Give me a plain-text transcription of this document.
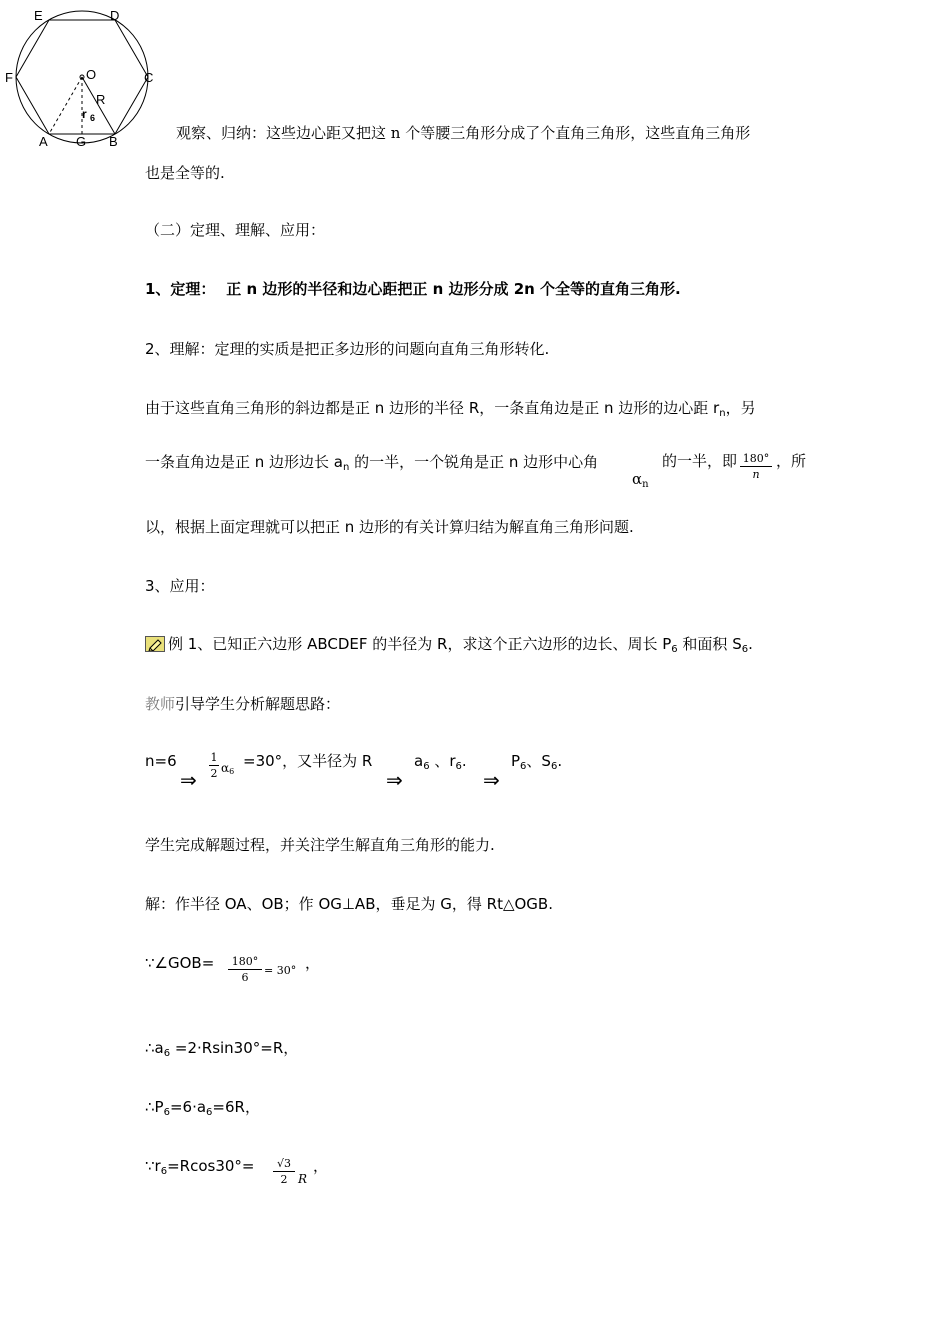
E	D
F	C
O
R
r 6
A G B	观察、归纳：这些边心距又把这 n 个等腰三角形分成了个直角三角形，这些直角三角形
也是全等的.
（二）定理、理解、应用：
1、定理： 正 n 边形的半径和边心距把正 n 边形分成 2n 个全等的直角三角形.
2、理解：定理的实质是把正多边形的问题向直角三角形转化.
由于这些直角三角形的斜边都是正 n 边形的半径 R，一条直角边是正 n 边形的边心距 $r_n$，另
一条直角边是正 n 边形边长 $a_n$ 的一半，一个锐角是正 n 边形中心角
$\alpha_n$
的一半，即 180°
n
，所
以，根据上面定理就可以把正 n 边形的有关计算归结为解直角三角形问题.
3、应用：
例 1、已知正六边形 ABCDEF 的半径为 R，求这个正六边形的边长、周长 $P_6$ 和面积 $S_6$.
教师引导学生分析解题思路：
n=6
⇒
1
2 α6
=30°，又半径为 R
⇒
$a_6$ 、$r_6$.
⇒
$P_6$、$S_6$.
学生完成解题过程，并关注学生解直角三角形的能力.
解：作半径 OA、OB；作 OG⊥AB，垂足为 G，得 Rt△OGB.
∵∠GOB=	180°
6
= 30° ，
$\therefore a_6 =2\cdot Rsin30^\circ=R$，
$\therefore P_6=6\cdot a_6=6R$，
$\because r_6=Rcos30^\circ=$	√3
2 R
，
